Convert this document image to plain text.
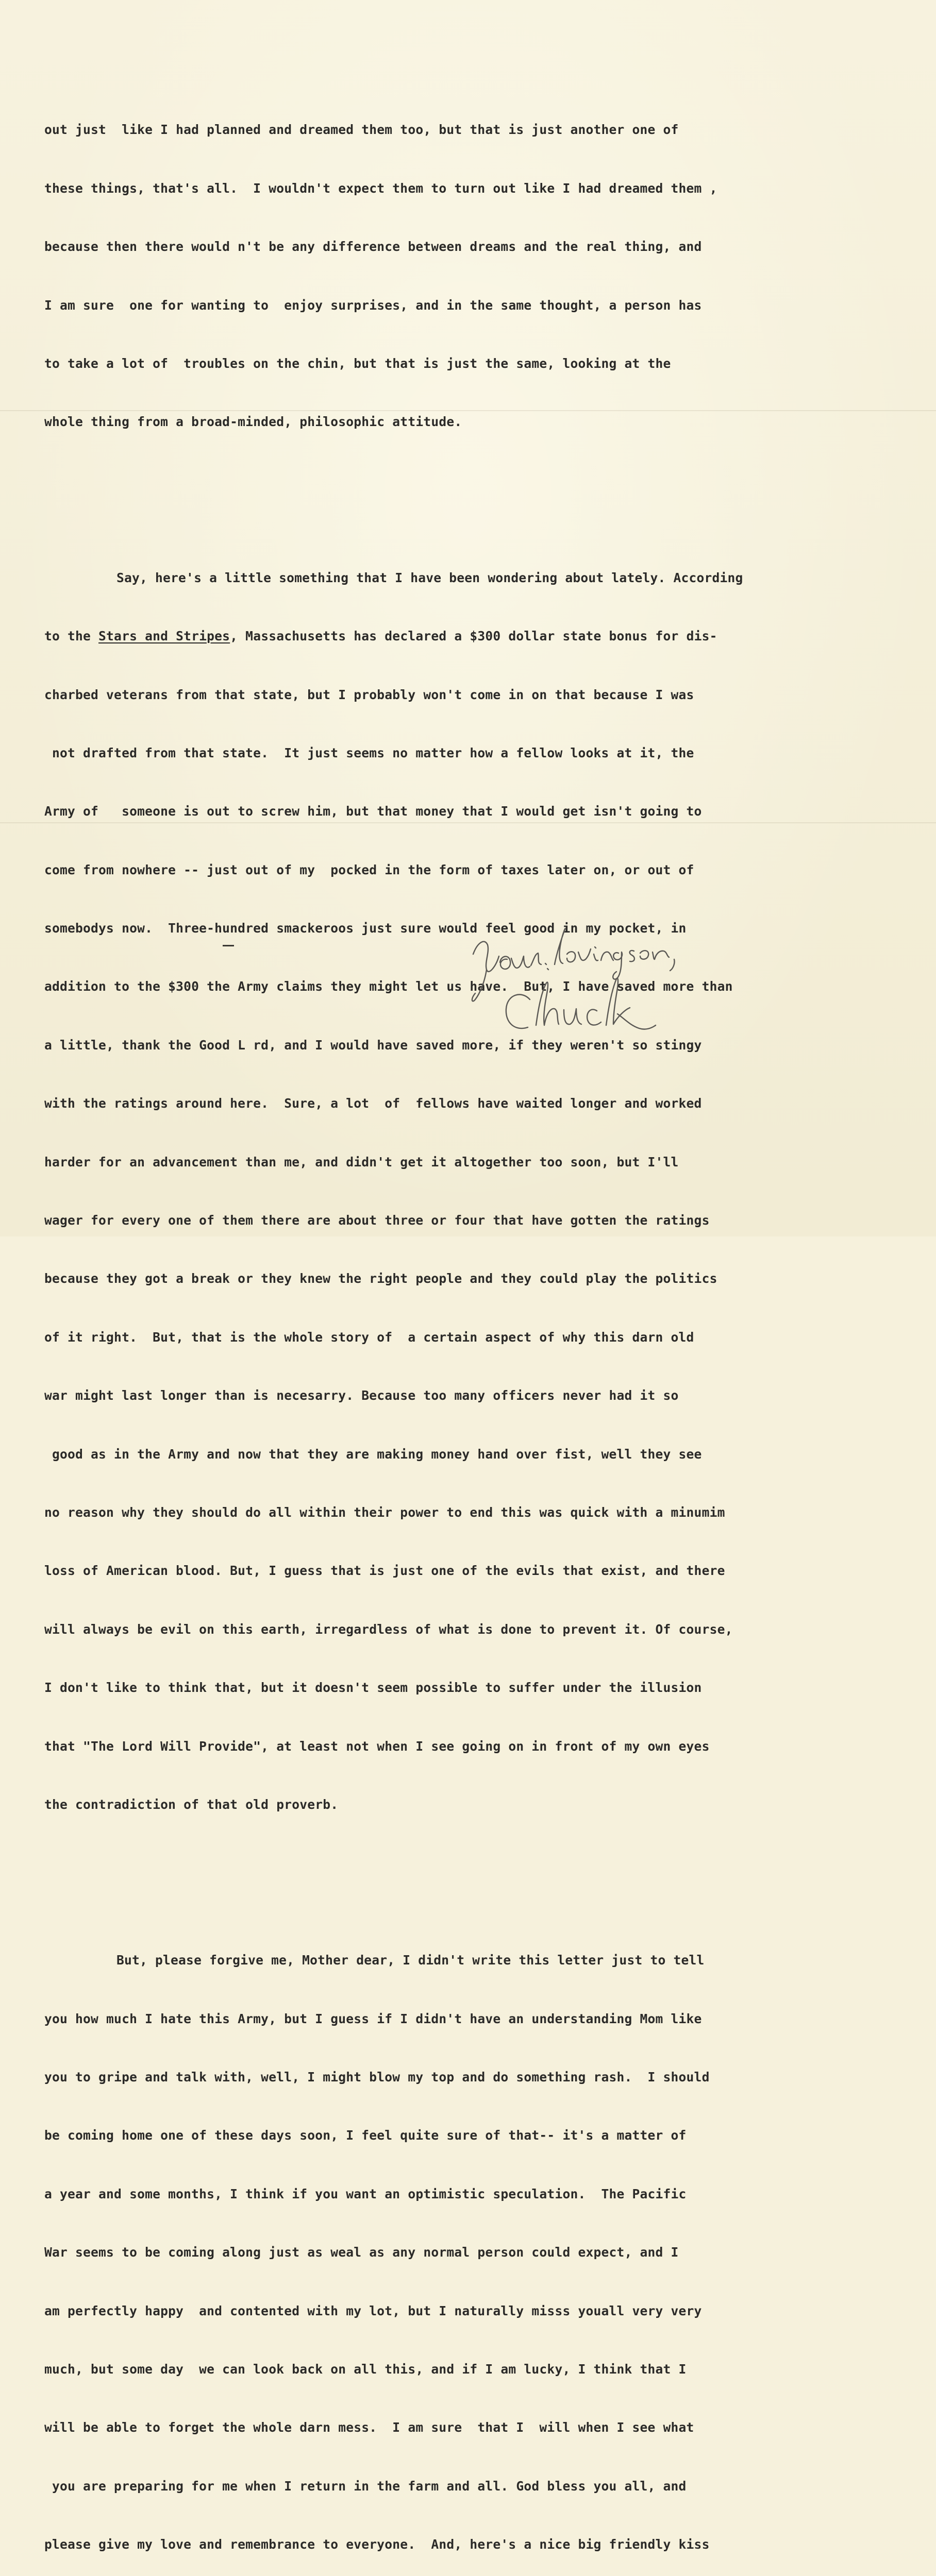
out just  like I had planned and dreamed them too, but that is just another one of

these things, that's all.  I wouldn't expect them to turn out like I had dreamed them ,

because then there would n't be any difference between dreams and the real thing, and

I am sure  one for wanting to  enjoy surprises, and in the same thought, a person has

to take a lot of  troubles on the chin, but that is just the same, looking at the

whole thing from a broad-minded, philosophic attitude.

Say, here's a little something that I have been wondering about lately. According

to the Stars and Stripes, Massachusetts has declared a $300 dollar state bonus for dis-

charbed veterans from that state, but I probably won't come in on that because I was

not drafted from that state.  It just seems no matter how a fellow looks at it, the

Army of   someone is out to screw him, but that money that I would get isn't going to

come from nowhere -- just out of my  pocked in the form of taxes later on, or out of

somebodys now.  Three-hundred smackeroos just sure would feel good in my pocket, in

addition to the $300 the Army claims they might let us have.  But, I have saved more than

a little, thank the Good L rd, and I would have saved more, if they weren't so stingy

with the ratings around here.  Sure, a lot  of  fellows have waited longer and worked

harder for an advancement than me, and didn't get it altogether too soon, but I'll

wager for every one of them there are about three or four that have gotten the ratings

because they got a break or they knew the right people and they could play the politics

of it right.  But, that is the whole story of  a certain aspect of why this darn old

war might last longer than is necesarry. Because too many officers never had it so

good as in the Army and now that they are making money hand over fist, well they see

no reason why they should do all within their power to end this was quick with a minumim

loss of American blood. But, I guess that is just one of the evils that exist, and there

will always be evil on this earth, irregardless of what is done to prevent it. Of course,

I don't like to think that, but it doesn't seem possible to suffer under the illusion

that "The Lord Will Provide", at least not when I see going on in front of my own eyes

the contradiction of that old proverb.

But, please forgive me, Mother dear, I didn't write this letter just to tell

you how much I hate this Army, but I guess if I didn't have an understanding Mom like

you to gripe and talk with, well, I might blow my top and do something rash.  I should

be coming home one of these days soon, I feel quite sure of that-- it's a matter of

a year and some months, I think if you want an optimistic speculation.  The Pacific

War seems to be coming along just as weal as any normal person could expect, and I

am perfectly happy  and contented with my lot, but I naturally misss youall very very

much, but some day  we can look back on all this, and if I am lucky, I think that I

will be able to forget the whole darn mess.  I am sure  that I  will when I see what

you are preparing for me when I return in the farm and all. God bless you all, and

please give my love and remembrance to everyone.  And, here's a nice big friendly kiss
